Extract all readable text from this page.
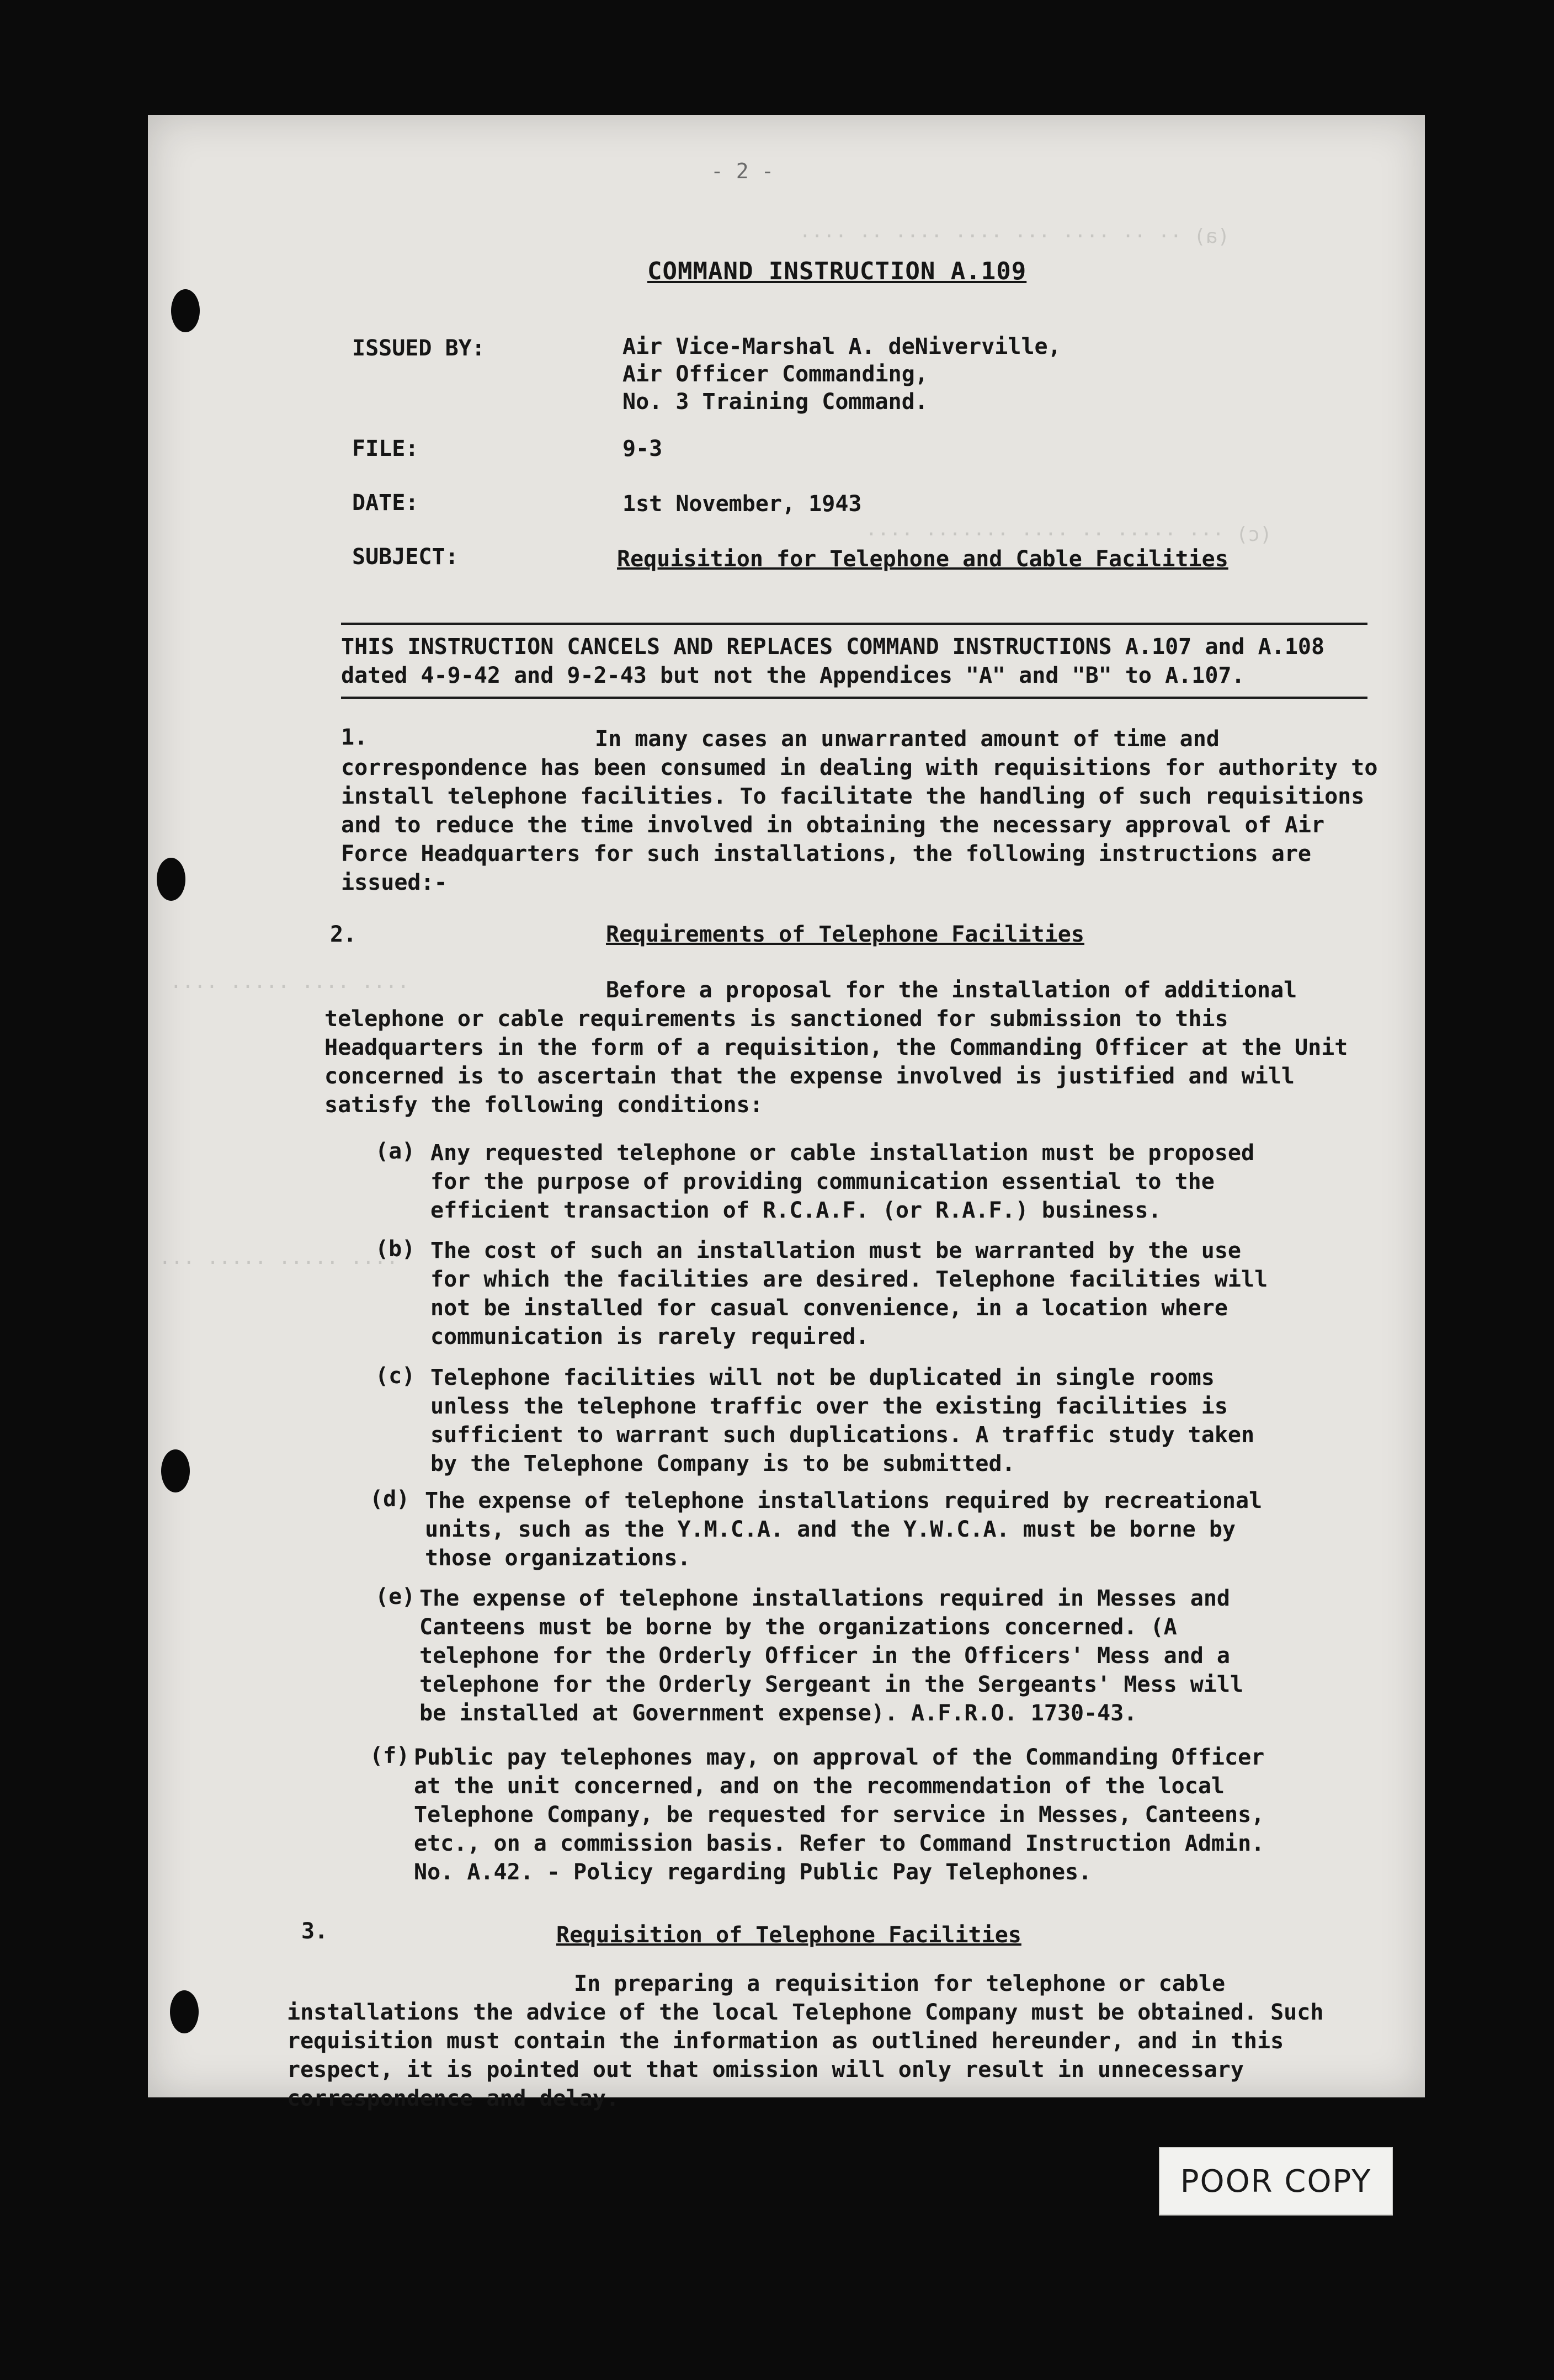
(a) ·· ·· ···· ··· ···· ···· ·· ····
(c) ··· ····· ·· ···· ······· ····
···· ···· ····· ····
···· ····· ····· ···
- 2 -
COMMAND INSTRUCTION A.109
ISSUED BY:	Air Vice-Marshal A. deNiverville,
Air Officer Commanding,
No. 3 Training Command.
FILE:	9-3
DATE:	1st November, 1943
SUBJECT:	Requisition for Telephone and Cable Facilities
THIS INSTRUCTION CANCELS AND REPLACES COMMAND INSTRUCTIONS A.107 and A.108 dated 4-9-42 and 9-2-43 but not the Appendices "A" and "B" to A.107.
1.	In many cases an unwarranted amount of time and correspondence has been consumed in dealing with requisitions for authority to install telephone facilities. To facilitate the handling of such requisitions and to reduce the time involved in obtaining the necessary approval of Air Force Headquarters for such installations, the following instructions are issued:-
2.	Requirements of Telephone Facilities
Before a proposal for the installation of additional telephone or cable requirements is sanctioned for submission to this Headquarters in the form of a requisition, the Commanding Officer at the Unit concerned is to ascertain that the expense involved is justified and will satisfy the following conditions:
(a) Any requested telephone or cable installation must be proposed for the purpose of providing communication essential to the efficient transaction of R.C.A.F. (or R.A.F.) business.
(b) The cost of such an installation must be warranted by the use for which the facilities are desired. Telephone facilities will not be installed for casual convenience, in a location where communication is rarely required.
(c) Telephone facilities will not be duplicated in single rooms unless the telephone traffic over the existing facilities is sufficient to warrant such duplications. A traffic study taken by the Telephone Company is to be submitted.
(d) The expense of telephone installations required by recreational units, such as the Y.M.C.A. and the Y.W.C.A. must be borne by those organizations.
(e) The expense of telephone installations required in Messes and Canteens must be borne by the organizations concerned. (A telephone for the Orderly Officer in the Officers' Mess and a telephone for the Orderly Sergeant in the Sergeants' Mess will be installed at Government expense). A.F.R.O. 1730-43.
(f) Public pay telephones may, on approval of the Commanding Officer at the unit concerned, and on the recommendation of the local Telephone Company, be requested for service in Messes, Canteens, etc., on a commission basis. Refer to Command Instruction Admin. No. A.42. - Policy regarding Public Pay Telephones.
3.	Requisition of Telephone Facilities
In preparing a requisition for telephone or cable installations the advice of the local Telephone Company must be obtained. Such requisition must contain the information as outlined hereunder, and in this respect, it is pointed out that omission will only result in unnecessary correspondence and delay.
POOR COPY
